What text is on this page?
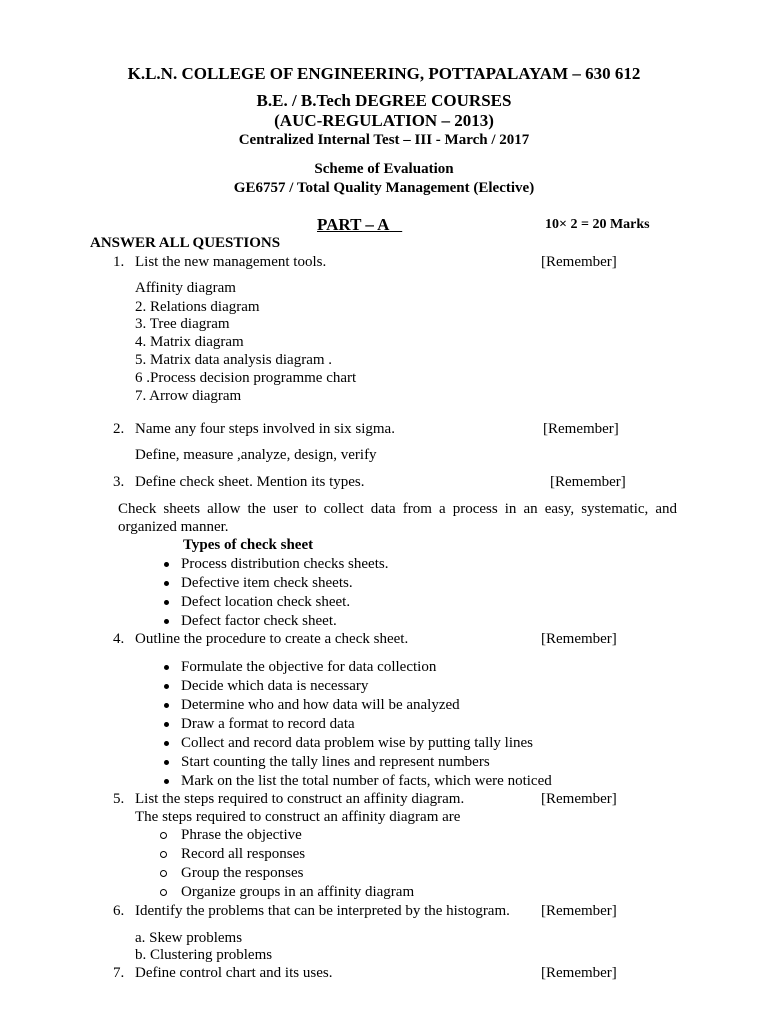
K.L.N. COLLEGE OF ENGINEERING, POTTAPALAYAM – 630 612
B.E. / B.Tech DEGREE COURSES
(AUC-REGULATION – 2013)
Centralized Internal Test – III - March / 2017
Scheme of Evaluation
GE6757 / Total Quality Management (Elective)
PART – A	10× 2 = 20 Marks
ANSWER ALL QUESTIONS
1. List the new management tools.	[Remember]
Affinity diagram
2. Relations diagram
3. Tree diagram
4. Matrix diagram
5. Matrix data analysis diagram .
6 .Process decision programme chart
7. Arrow diagram
2. Name any four steps involved in six sigma.	[Remember]
Define, measure ,analyze, design, verify
3. Define check sheet. Mention its types.	[Remember]
Check sheets allow the user to collect data from a process in an easy, systematic, and
organized manner.
Types of check sheet
Process distribution checks sheets.
Defective item check sheets.
Defect location check sheet.
Defect factor check sheet.
4. Outline the procedure to create a check sheet.	[Remember]
Formulate the objective for data collection
Decide which data is necessary
Determine who and how data will be analyzed
Draw a format to record data
Collect and record data problem wise by putting tally lines
Start counting the tally lines and represent numbers
Mark on the list the total number of facts, which were noticed
5. List the steps required to construct an affinity diagram.	[Remember]
The steps required to construct an affinity diagram are
Phrase the objective
Record all responses
Group the responses
Organize groups in an affinity diagram
6. Identify the problems that can be interpreted by the histogram. [Remember]
a. Skew problems
b. Clustering problems
7. Define control chart and its uses.	[Remember]
